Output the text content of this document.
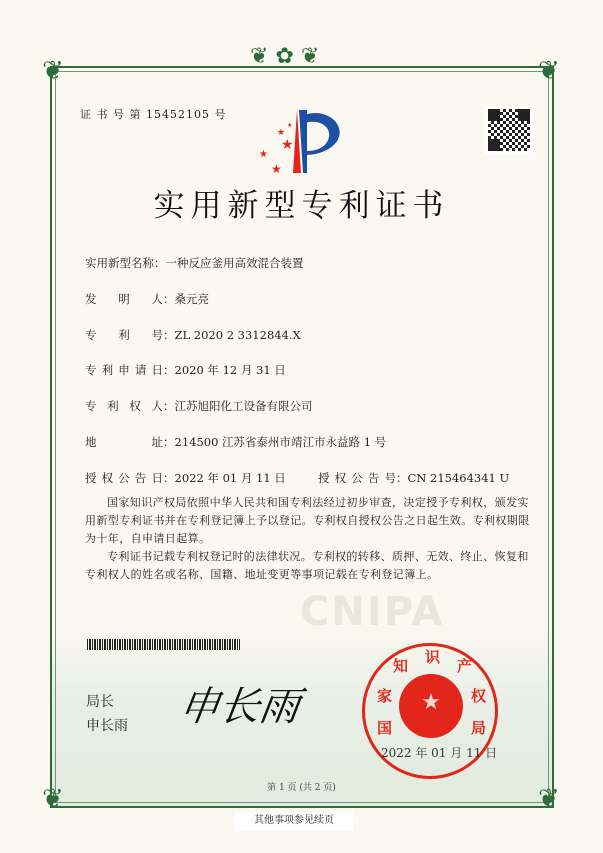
CNIPA
❦ ✿ ❦
❦	❦
❦	❦
证 书 号 第 15452105 号
★
★
★
★
★
实用新型专利证书
实用新型名称：一种反应釜用高效混合装置
发明人：桑元亮
专利号：ZL 2020 2 3312844.X
专利申请日：2020 年 12 月 31 日
专利权人：江苏旭阳化工设备有限公司
地址：214500 江苏省泰州市靖江市永益路 1 号
授权公告日：2022 年 01 月 11 日	授权公告号：CN 215464341 U

国家知识产权局依照中华人民共和国专利法经过初步审查，决定授予专利权，颁发实用新型专利证书并在专利登记簿上予以登记。专利权自授权公告之日起生效。专利权期限为十年，自申请日起算。

专利证书记载专利权登记时的法律状况。专利权的转移、质押、无效、终止、恢复和专利权人的姓名或名称、国籍、地址变更等事项记载在专利登记簿上。

局长
申长雨 申长雨	★
国
家
知 识 产
权
局
2022 年 01 月 11 日
第 1 页 (共 2 页)
其他事项参见续页
